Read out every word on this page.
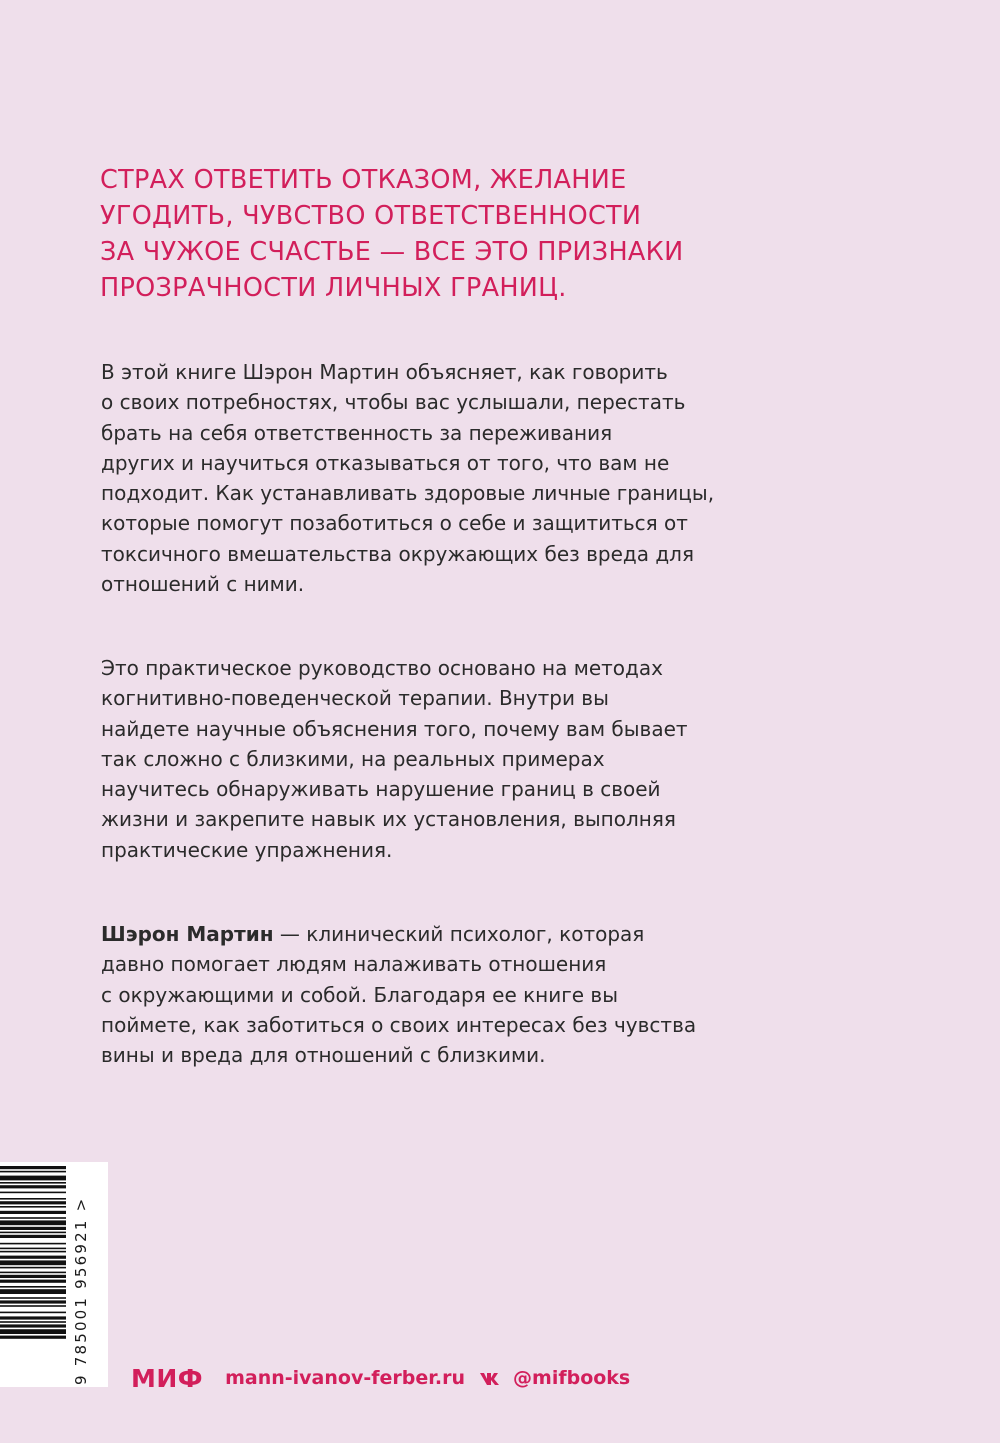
СТРАХ ОТВЕТИТЬ ОТКАЗОМ, ЖЕЛАНИЕ
УГОДИТЬ, ЧУВСТВО ОТВЕТСТВЕННОСТИ
ЗА ЧУЖОЕ СЧАСТЬЕ — ВСЕ ЭТО ПРИЗНАКИ
ПРОЗРАЧНОСТИ ЛИЧНЫХ ГРАНИЦ.
В этой книге Шэрон Мартин объясняет, как говорить
о своих потребностях, чтобы вас услышали, перестать
брать на себя ответственность за переживания
других и научиться отказываться от того, что вам не
подходит. Как устанавливать здоровые личные границы,
которые помогут позаботиться о себе и защититься от
токсичного вмешательства окружающих без вреда для
отношений с ними.
Это практическое руководство основано на методах
когнитивно-поведенческой терапии. Внутри вы
найдете научные объяснения того, почему вам бывает
так сложно с близкими, на реальных примерах
научитесь обнаруживать нарушение границ в своей
жизни и закрепите навык их установления, выполняя
практические упражнения.
Шэрон Мартин — клинический психолог, которая
давно помогает людям налаживать отношения
с окружающими и собой. Благодаря ее книге вы
поймете, как заботиться о своих интересах без чувства
вины и вреда для отношений с близкими.
9 785001 956921 > МИФ mann-ivanov-ferber.ru	@mifbooks
